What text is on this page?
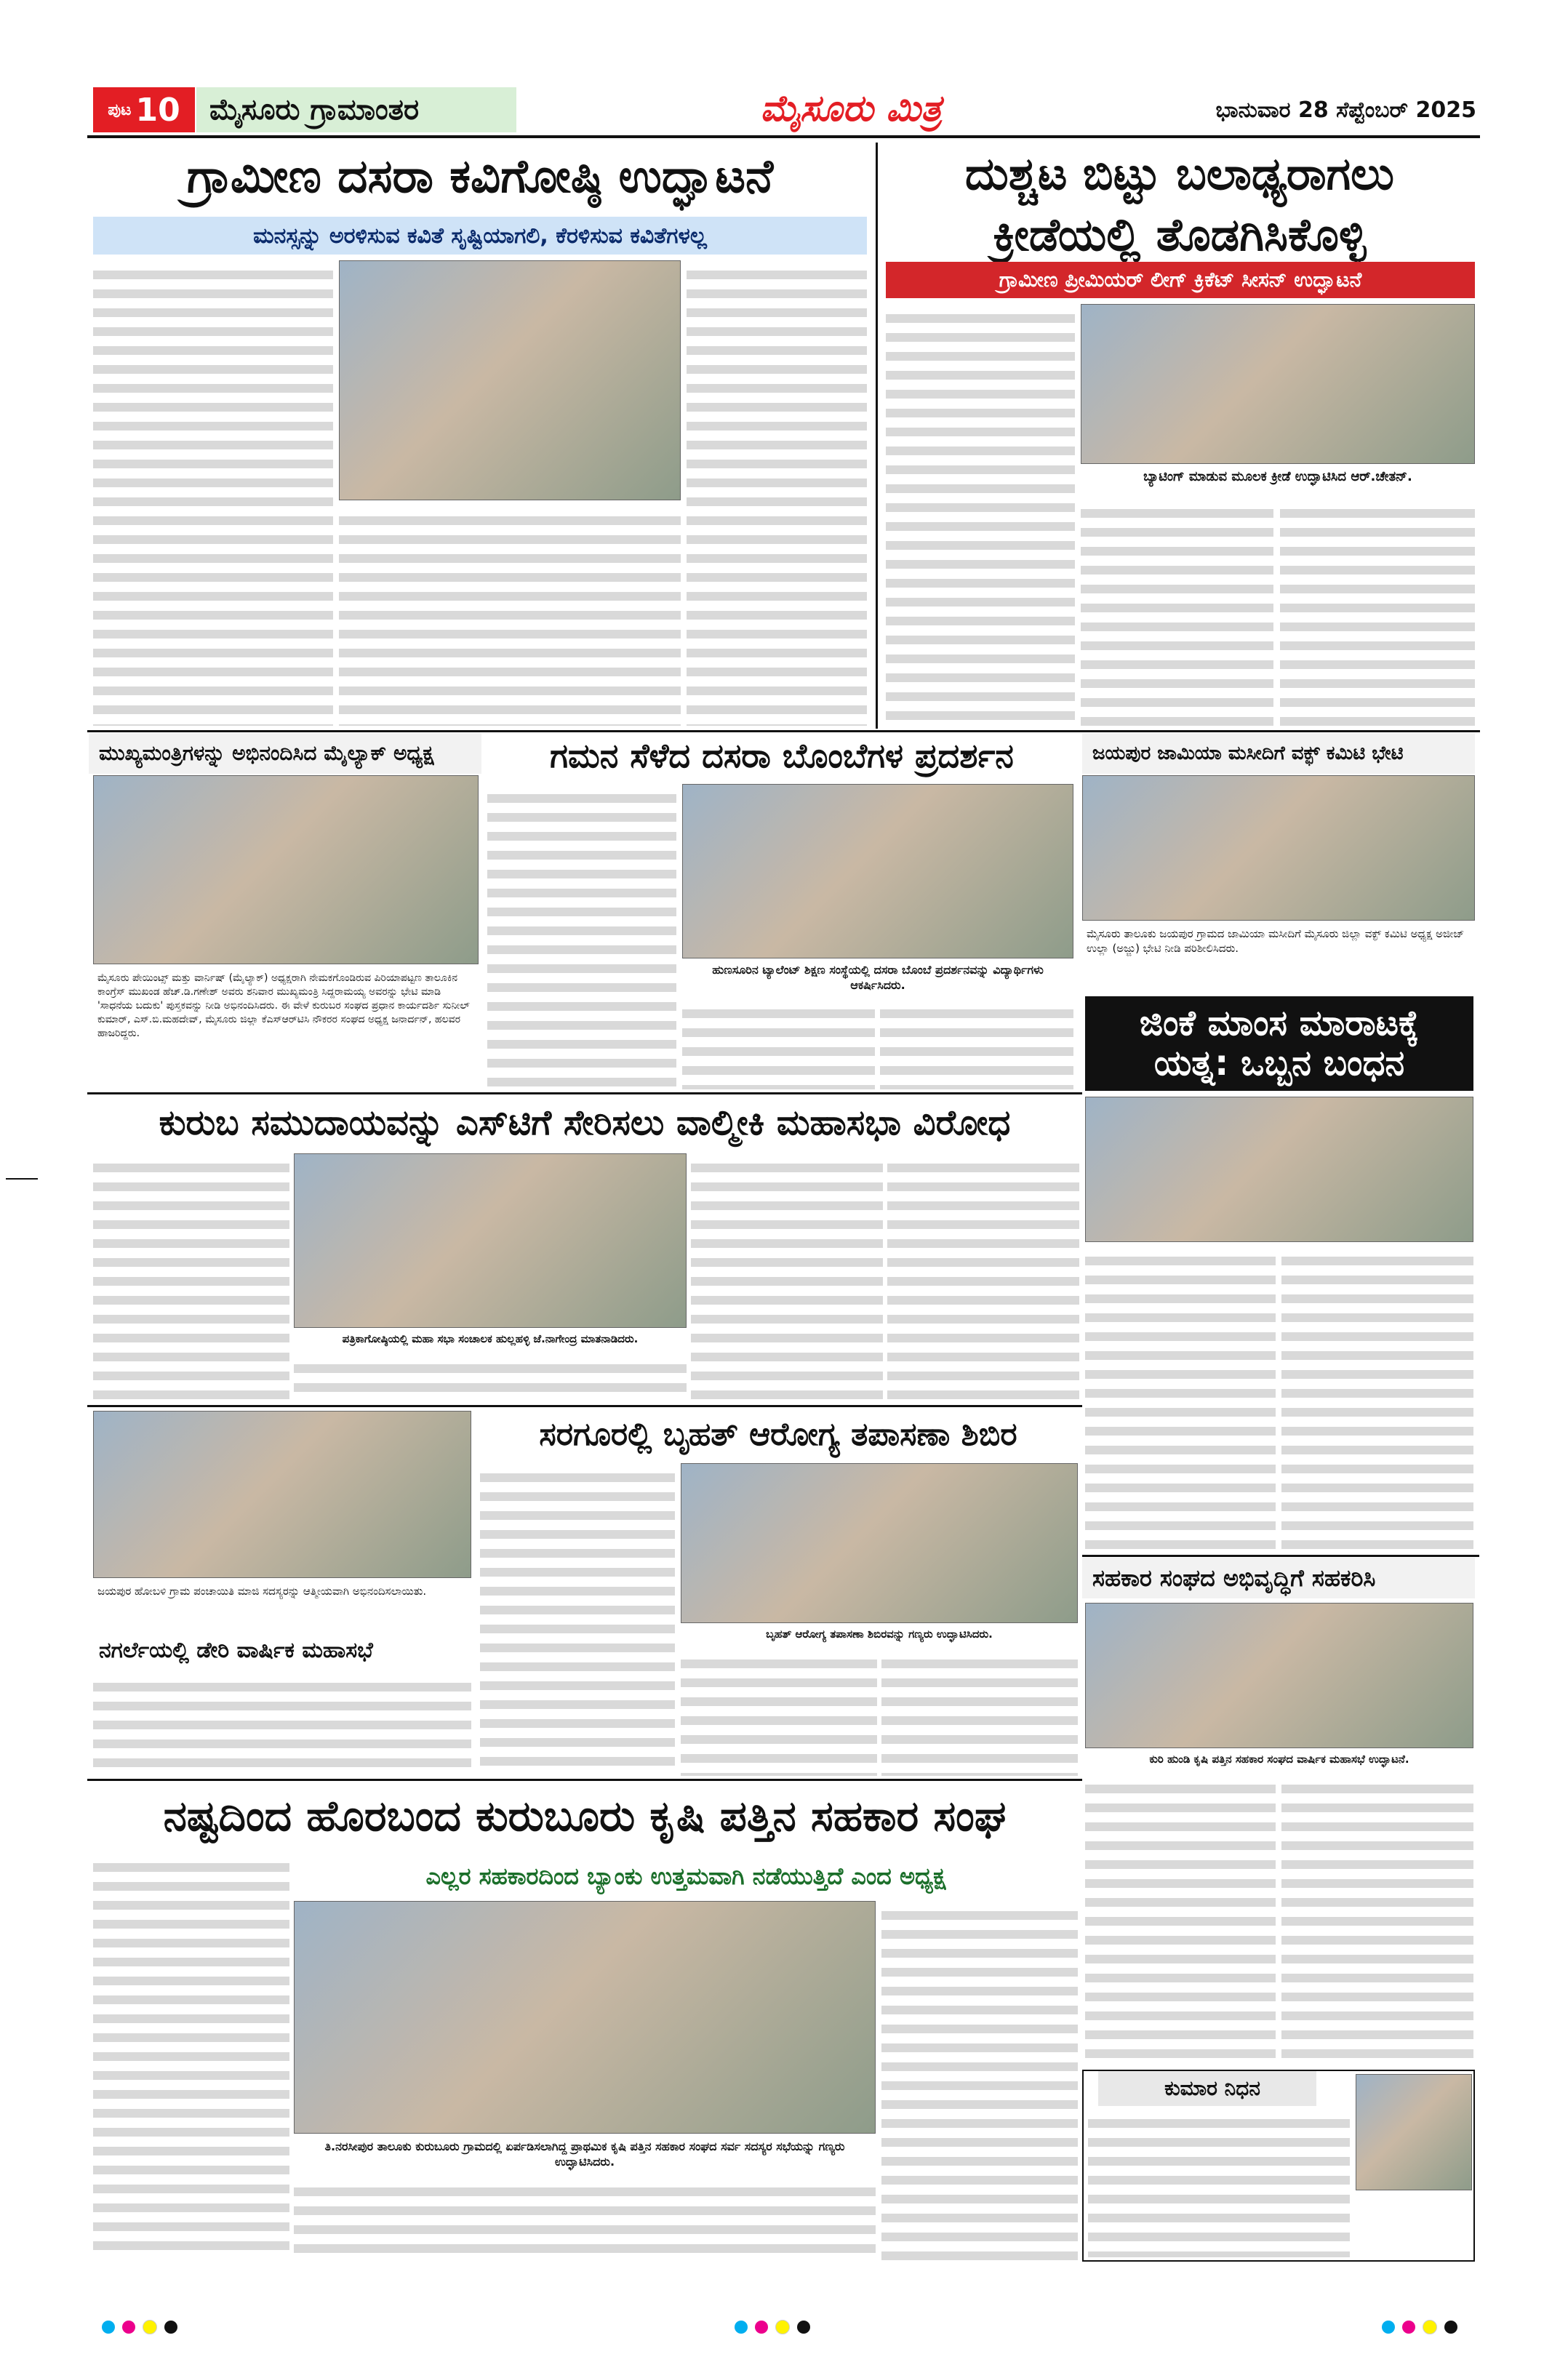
ಪುಟ 10	ಮೈಸೂರು ಗ್ರಾಮಾಂತರ	ಮೈಸೂರು ಮಿತ್ರ	ಭಾನುವಾರ 28 ಸೆಪ್ಟೆಂಬರ್ 2025
ಗ್ರಾಮೀಣ ದಸರಾ ಕವಿಗೋಷ್ಠಿ ಉದ್ಘಾಟನೆ
ಮನಸ್ಸನ್ನು ಅರಳಿಸುವ ಕವಿತೆ ಸೃಷ್ಟಿಯಾಗಲಿ, ಕೆರಳಿಸುವ ಕವಿತೆಗಳಲ್ಲ
ದುಶ್ಚಟ ಬಿಟ್ಟು ಬಲಾಢ್ಯರಾಗಲು
ಕ್ರೀಡೆಯಲ್ಲಿ ತೊಡಗಿಸಿಕೊಳ್ಳಿ
ಗ್ರಾಮೀಣ ಪ್ರೀಮಿಯರ್ ಲೀಗ್ ಕ್ರಿಕೆಟ್ ಸೀಸನ್ ಉದ್ಘಾಟನೆ
ಬ್ಯಾಟಿಂಗ್ ಮಾಡುವ ಮೂಲಕ ಕ್ರೀಡೆ ಉದ್ಘಾಟಿಸಿದ ಆರ್.ಚೇತನ್.
ಮುಖ್ಯಮಂತ್ರಿಗಳನ್ನು ಅಭಿನಂದಿಸಿದ ಮೈಲ್ಯಾಕ್ ಅಧ್ಯಕ್ಷ
ಮೈಸೂರು ಪೇಯಿಂಟ್ಸ್ ಮತ್ತು ವಾರ್ನಿಷ್ (ಮೈಲ್ಯಾಕ್) ಅಧ್ಯಕ್ಷರಾಗಿ ನೇಮಕಗೊಂಡಿರುವ ಪಿರಿಯಾಪಟ್ಟಣ ತಾಲೂಕಿನ ಕಾಂಗ್ರೆಸ್ ಮುಖಂಡ ಹೆಚ್.ಡಿ.ಗಣೇಶ್ ಅವರು ಶನಿವಾರ ಮುಖ್ಯಮಂತ್ರಿ ಸಿದ್ದರಾಮಯ್ಯ ಅವರನ್ನು ಭೇಟಿ ಮಾಡಿ 'ಸಾಧನೆಯ ಬದುಕು' ಪುಸ್ತಕವನ್ನು ನೀಡಿ ಅಭಿನಂದಿಸಿದರು. ಈ ವೇಳೆ ಕುರುಬರ ಸಂಘದ ಪ್ರಧಾನ ಕಾರ್ಯದರ್ಶಿ ಸುನೀಲ್ ಕುಮಾರ್, ಎಸ್.ಬಿ.ಮಹದೇವ್, ಮೈಸೂರು ಜಿಲ್ಲಾ ಕೆಎಸ್‌ಆರ್‌ಟಿಸಿ ನೌಕರರ ಸಂಘದ ಅಧ್ಯಕ್ಷ ಜನಾರ್ದನ್, ಹಲವರ ಹಾಜರಿದ್ದರು.
ಗಮನ ಸೆಳೆದ ದಸರಾ ಬೊಂಬೆಗಳ ಪ್ರದರ್ಶನ
ಹುಣಸೂರಿನ ಟ್ಯಾಲೆಂಟ್ ಶಿಕ್ಷಣ ಸಂಸ್ಥೆಯಲ್ಲಿ ದಸರಾ ಬೊಂಬೆ ಪ್ರದರ್ಶನವನ್ನು ವಿದ್ಯಾರ್ಥಿಗಳು ಆಕರ್ಷಿಸಿದರು.
ಜಯಪುರ ಜಾಮಿಯಾ ಮಸೀದಿಗೆ ವಕ್ಫ್ ಕಮಿಟಿ ಭೇಟಿ
ಮೈಸೂರು ತಾಲೂಕು ಜಯಪುರ ಗ್ರಾಮದ ಜಾಮಿಯಾ ಮಸೀದಿಗೆ ಮೈಸೂರು ಜಿಲ್ಲಾ ವಕ್ಫ್ ಕಮಿಟಿ ಅಧ್ಯಕ್ಷ ಅಜೀಜ್ ಉಲ್ಲಾ (ಅಜ್ಜು) ಭೇಟಿ ನೀಡಿ ಪರಿಶೀಲಿಸಿದರು.
ಜಿಂಕೆ ಮಾಂಸ ಮಾರಾಟಕ್ಕೆ
ಯತ್ನ: ಒಬ್ಬನ ಬಂಧನ
ಕುರುಬ ಸಮುದಾಯವನ್ನು ಎಸ್‌ಟಿಗೆ ಸೇರಿಸಲು ವಾಲ್ಮೀಕಿ ಮಹಾಸಭಾ ವಿರೋಧ
ಪತ್ರಿಕಾಗೋಷ್ಠಿಯಲ್ಲಿ ಮಹಾ ಸಭಾ ಸಂಚಾಲಕ ಹುಲ್ಲಹಳ್ಳಿ ಜೆ.ನಾಗೇಂದ್ರ ಮಾತನಾಡಿದರು.
ಜಯಪುರ ಹೋಬಳಿ ಗ್ರಾಮ ಪಂಚಾಯಿತಿ ಮಾಜಿ ಸದಸ್ಯರನ್ನು ಆತ್ಮೀಯವಾಗಿ ಅಭಿನಂದಿಸಲಾಯಿತು.
ಸರಗೂರಲ್ಲಿ ಬೃಹತ್ ಆರೋಗ್ಯ ತಪಾಸಣಾ ಶಿಬಿರ
ಬೃಹತ್ ಆರೋಗ್ಯ ತಪಾಸಣಾ ಶಿಬಿರವನ್ನು ಗಣ್ಯರು ಉದ್ಘಾಟಿಸಿದರು.
ನಗರ್ಲೆಯಲ್ಲಿ ಡೇರಿ ವಾರ್ಷಿಕ ಮಹಾಸಭೆ
ಸಹಕಾರ ಸಂಘದ ಅಭಿವೃದ್ಧಿಗೆ ಸಹಕರಿಸಿ
ಕುರಿ ಹುಂಡಿ ಕೃಷಿ ಪತ್ತಿನ ಸಹಕಾರ ಸಂಘದ ವಾರ್ಷಿಕ ಮಹಾಸಭೆ ಉದ್ಘಾಟನೆ.
ನಷ್ಟದಿಂದ ಹೊರಬಂದ ಕುರುಬೂರು ಕೃಷಿ ಪತ್ತಿನ ಸಹಕಾರ ಸಂಘ
ಎಲ್ಲರ ಸಹಕಾರದಿಂದ ಬ್ಯಾಂಕು ಉತ್ತಮವಾಗಿ ನಡೆಯುತ್ತಿದೆ ಎಂದ ಅಧ್ಯಕ್ಷ
ತಿ.ನರಸೀಪುರ ತಾಲೂಕು ಕುರುಬೂರು ಗ್ರಾಮದಲ್ಲಿ ಏರ್ಪಡಿಸಲಾಗಿದ್ದ ಪ್ರಾಥಮಿಕ ಕೃಷಿ ಪತ್ತಿನ ಸಹಕಾರ ಸಂಘದ ಸರ್ವ ಸದಸ್ಯರ ಸಭೆಯನ್ನು ಗಣ್ಯರು ಉದ್ಘಾಟಿಸಿದರು.
ಕುಮಾರ ನಿಧನ
